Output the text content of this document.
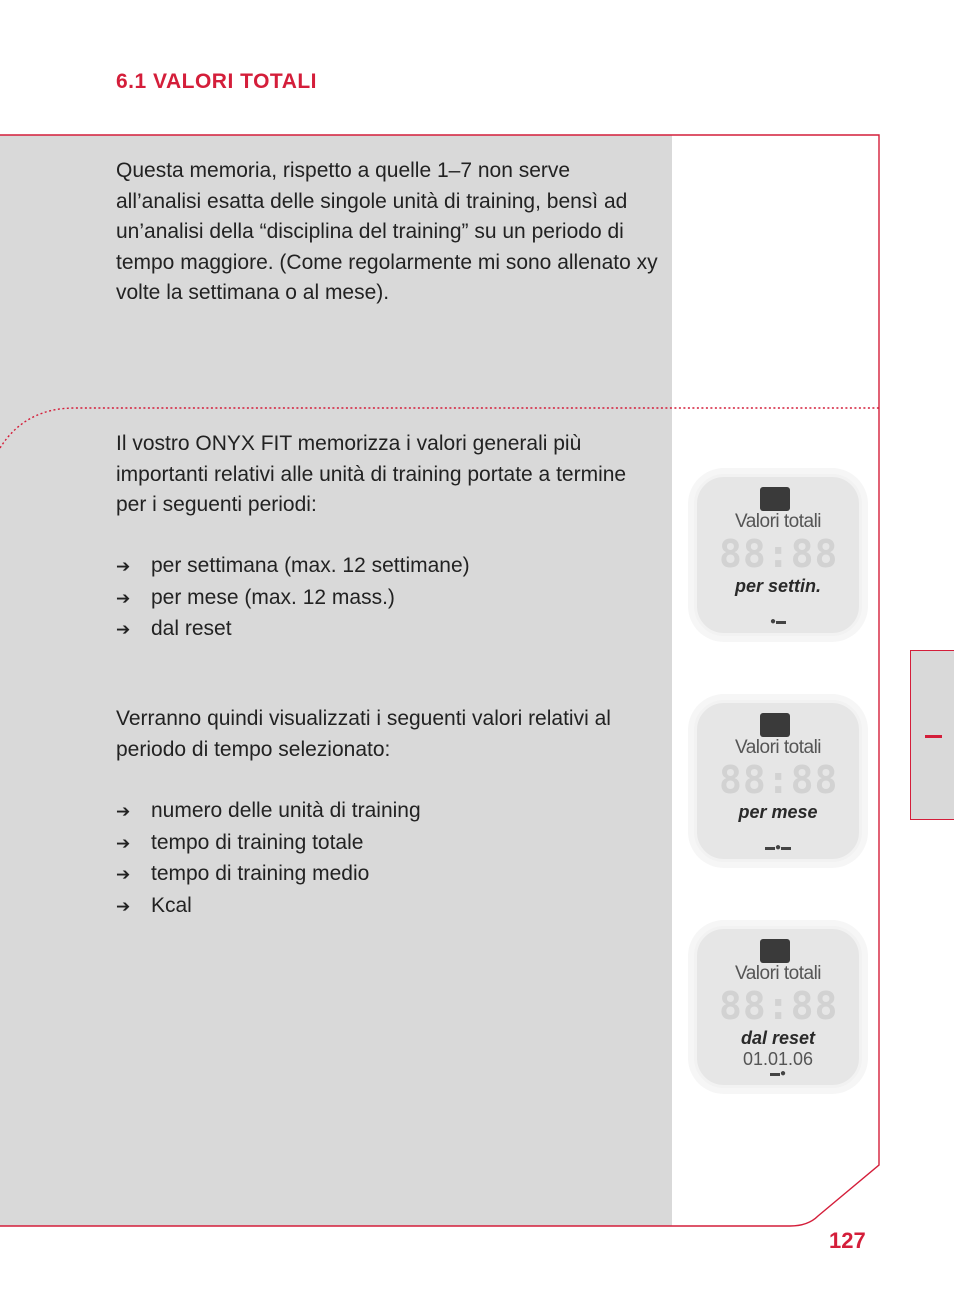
6.1 VALORI TOTALI

Questa memoria, rispetto a quelle 1–7 non serve all’analisi esatta delle singole unità di training, bensì ad un’analisi della “disciplina del training” su un periodo di tempo maggiore. (Come regolarmente mi sono allenato xy volte la settimana o al mese).

Il vostro ONYX FIT memorizza i valori generali più importanti relativi alle unità di training portate a termine per i seguenti periodi:

➔ per settimana (max. 12 settimane)
➔ per mese (max. 12 mass.)
➔ dal reset

Verranno quindi visualizzati i seguenti valori relativi al periodo di tempo selezionato:

➔ numero delle unità di training
➔ tempo di training totale
➔ tempo di training medio
➔ Kcal
Valori totali
88:88
per settin.
●▬
Valori totali
88:88
per mese
▬●▬
Valori totali
88:88
dal reset
01.01.06
▬●

127
